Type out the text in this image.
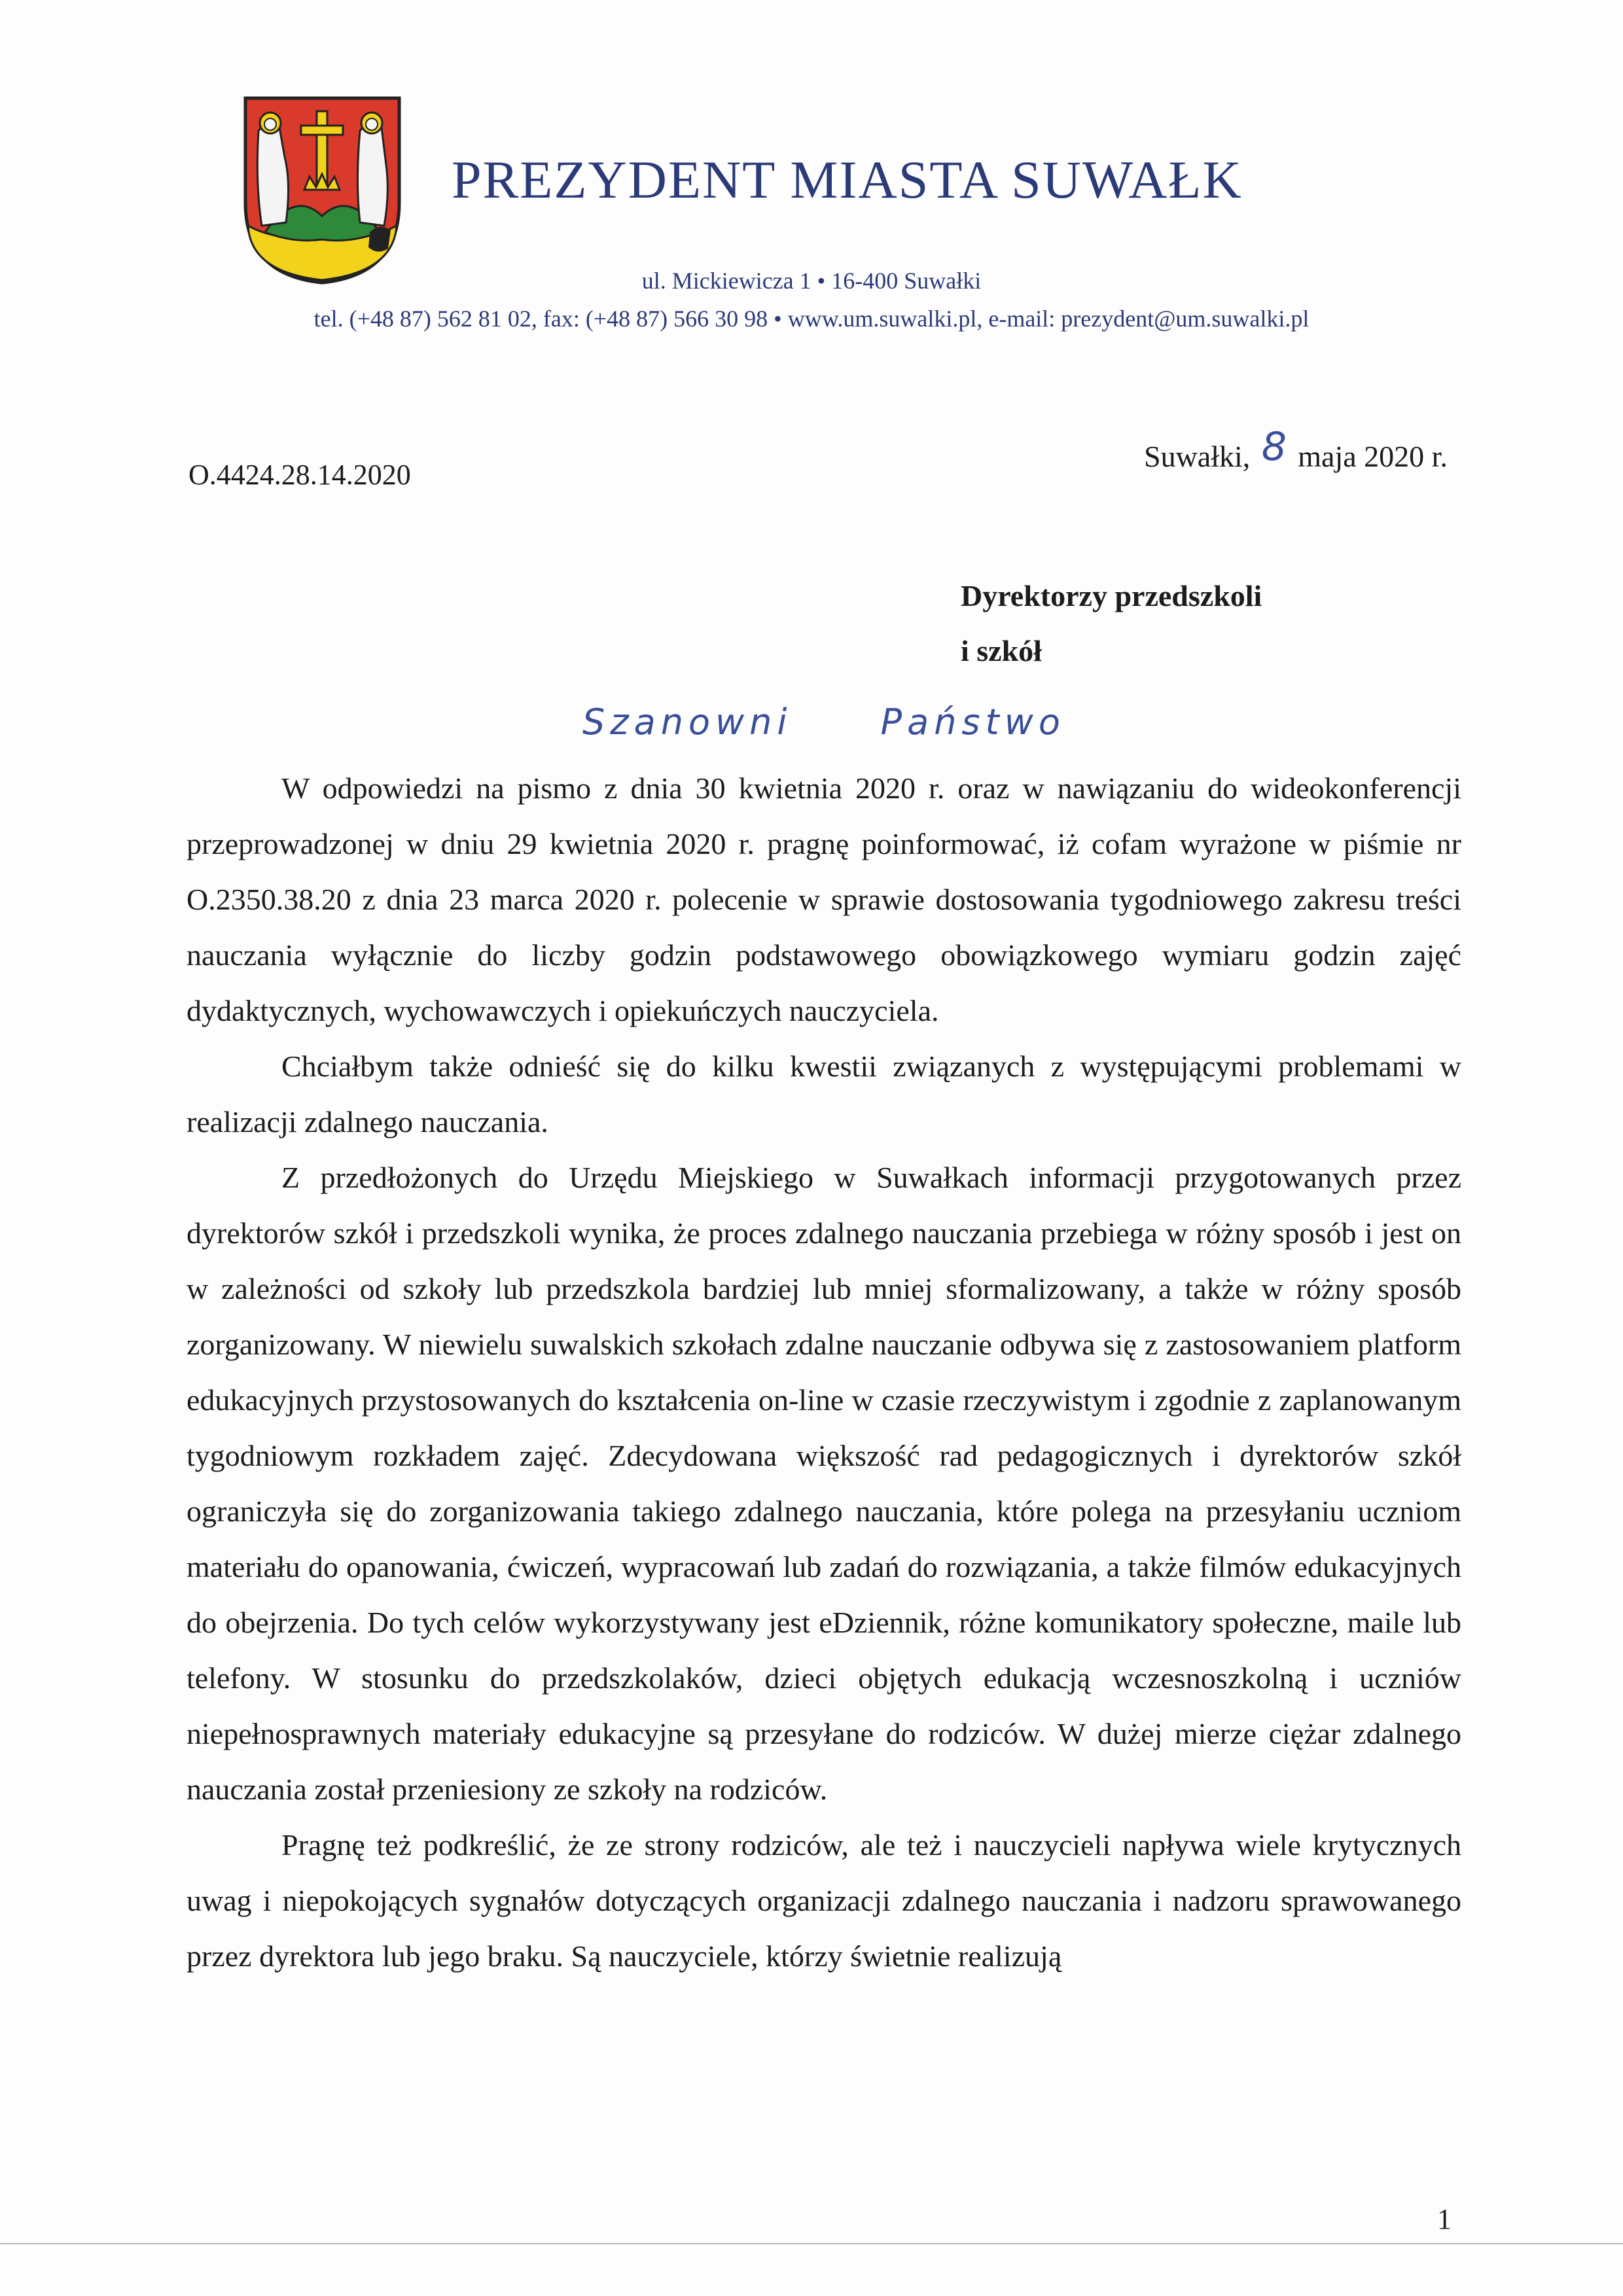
PREZYDENT MIASTA SUWAŁK
ul. Mickiewicza 1 • 16-400 Suwałki
tel. (+48 87) 562 81 02, fax: (+48 87) 566 30 98 • www.um.suwalki.pl, e-mail: prezydent@um.suwalki.pl
O.4424.28.14.2020
Suwałki, 8 maja 2020 r.
Dyrektorzy przedszkoli
i szkół
Szanowni Państwo

W odpowiedzi na pismo z dnia 30 kwietnia 2020 r. oraz w nawiązaniu do wideokonferencji przeprowadzonej w dniu 29 kwietnia 2020 r. pragnę poinformować, iż cofam wyrażone w piśmie nr O.2350.38.20 z dnia 23 marca 2020 r. polecenie w sprawie dostosowania tygodniowego zakresu treści nauczania wyłącznie do liczby godzin podstawowego obowiązkowego wymiaru godzin zajęć dydaktycznych, wychowawczych i opiekuńczych nauczyciela.

Chciałbym także odnieść się do kilku kwestii związanych z występującymi problemami w realizacji zdalnego nauczania.

Z przedłożonych do Urzędu Miejskiego w Suwałkach informacji przygotowanych przez dyrektorów szkół i przedszkoli wynika, że proces zdalnego nauczania przebiega w różny sposób i jest on w zależności od szkoły lub przedszkola bardziej lub mniej sformalizowany, a także w różny sposób zorganizowany. W niewielu suwalskich szkołach zdalne nauczanie odbywa się z zastosowaniem platform edukacyjnych przystosowanych do kształcenia on-line w czasie rzeczywistym i zgodnie z zaplanowanym tygodniowym rozkładem zajęć. Zdecydowana większość rad pedagogicznych i dyrektorów szkół ograniczyła się do zorganizowania takiego zdalnego nauczania, które polega na przesyłaniu uczniom materiału do opanowania, ćwiczeń, wypracowań lub zadań do rozwiązania, a także filmów edukacyjnych do obejrzenia. Do tych celów wykorzystywany jest eDziennik, różne komunikatory społeczne, maile lub telefony. W stosunku do przedszkolaków, dzieci objętych edukacją wczesnoszkolną i uczniów niepełnosprawnych materiały edukacyjne są przesyłane do rodziców. W dużej mierze ciężar zdalnego nauczania został przeniesiony ze szkoły na rodziców.

Pragnę też podkreślić, że ze strony rodziców, ale też i nauczycieli napływa wiele krytycznych uwag i niepokojących sygnałów dotyczących organizacji zdalnego nauczania i nadzoru sprawowanego przez dyrektora lub jego braku. Są nauczyciele, którzy świetnie realizują

1
